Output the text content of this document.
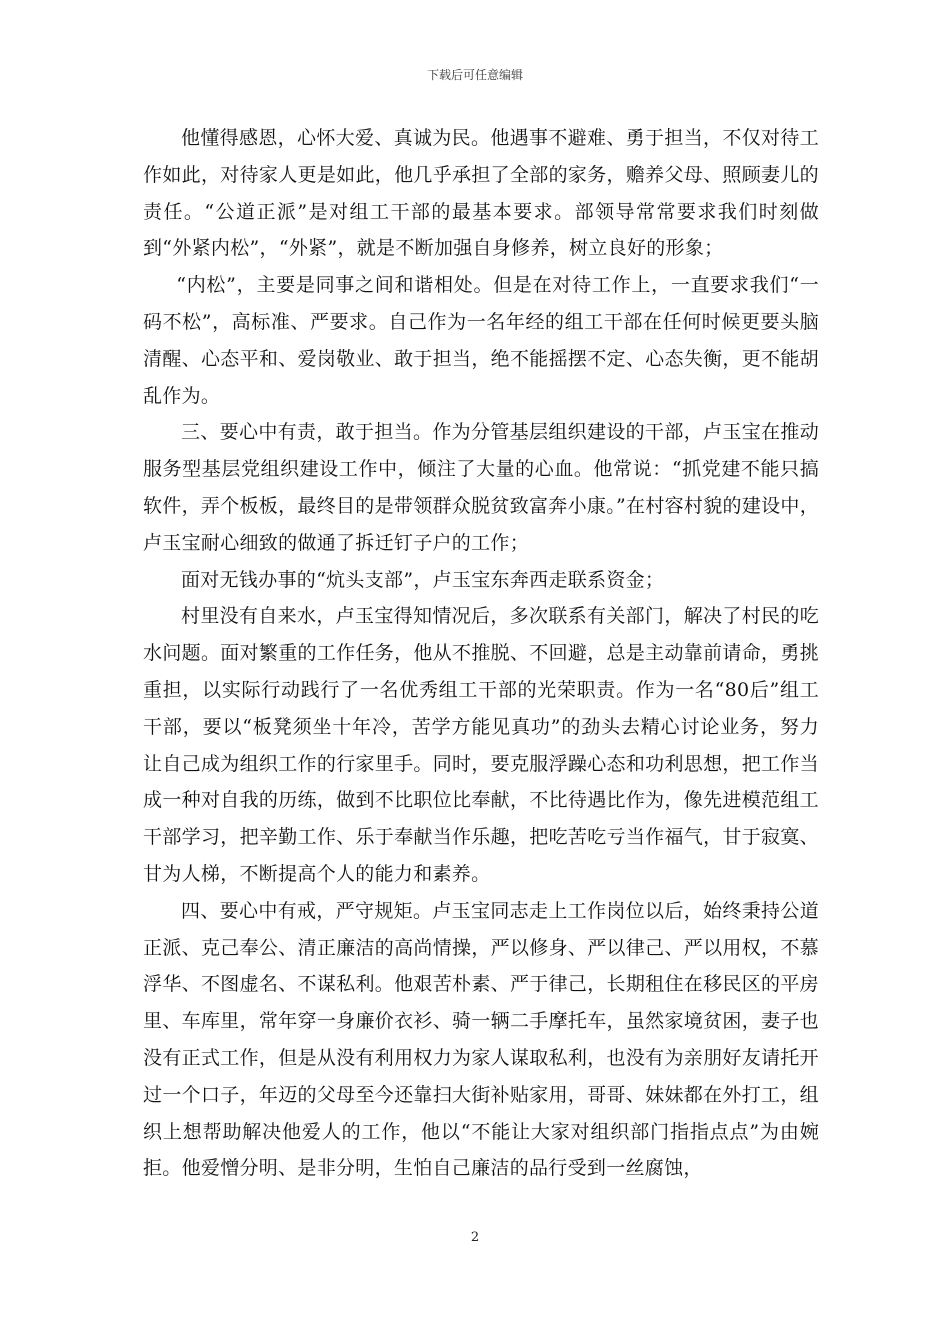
下载后可任意编辑

他懂得感恩，心怀大爱、真诚为民。他遇事不避难、勇于担当，不仅对待工作如此，对待家人更是如此，他几乎承担了全部的家务，赡养父母、照顾妻儿的责任。“公道正派”是对组工干部的最基本要求。部领导常常要求我们时刻做到“外紧内松”，“外紧”，就是不断加强自身修养，树立良好的形象；

“内松”，主要是同事之间和谐相处。但是在对待工作上，一直要求我们“一码不松”，高标准、严要求。自己作为一名年经的组工干部在任何时候更要头脑清醒、心态平和、爱岗敬业、敢于担当，绝不能摇摆不定、心态失衡，更不能胡乱作为。

三、要心中有责，敢于担当。作为分管基层组织建设的干部，卢玉宝在推动服务型基层党组织建设工作中，倾注了大量的心血。他常说：“抓党建不能只搞软件，弄个板板，最终目的是带领群众脱贫致富奔小康。”在村容村貌的建设中，卢玉宝耐心细致的做通了拆迁钉子户的工作；

面对无钱办事的“炕头支部”，卢玉宝东奔西走联系资金；

村里没有自来水，卢玉宝得知情况后，多次联系有关部门，解决了村民的吃水问题。面对繁重的工作任务，他从不推脱、不回避，总是主动靠前请命，勇挑重担，以实际行动践行了一名优秀组工干部的光荣职责。作为一名“80后”组工干部，要以“板凳须坐十年冷，苦学方能见真功”的劲头去精心讨论业务，努力让自己成为组织工作的行家里手。同时，要克服浮躁心态和功利思想，把工作当成一种对自我的历练，做到不比职位比奉献，不比待遇比作为，像先进模范组工干部学习，把辛勤工作、乐于奉献当作乐趣，把吃苦吃亏当作福气，甘于寂寞、甘为人梯，不断提高个人的能力和素养。

四、要心中有戒，严守规矩。卢玉宝同志走上工作岗位以后，始终秉持公道正派、克己奉公、清正廉洁的高尚情操，严以修身、严以律己、严以用权，不慕浮华、不图虚名、不谋私利。他艰苦朴素、严于律己，长期租住在移民区的平房里、车库里，常年穿一身廉价衣衫、骑一辆二手摩托车，虽然家境贫困，妻子也没有正式工作，但是从没有利用权力为家人谋取私利，也没有为亲朋好友请托开过一个口子，年迈的父母至今还靠扫大街补贴家用，哥哥、妹妹都在外打工，组织上想帮助解决他爱人的工作，他以“不能让大家对组织部门指指点点”为由婉拒。他爱憎分明、是非分明，生怕自己廉洁的品行受到一丝腐蚀，

2
